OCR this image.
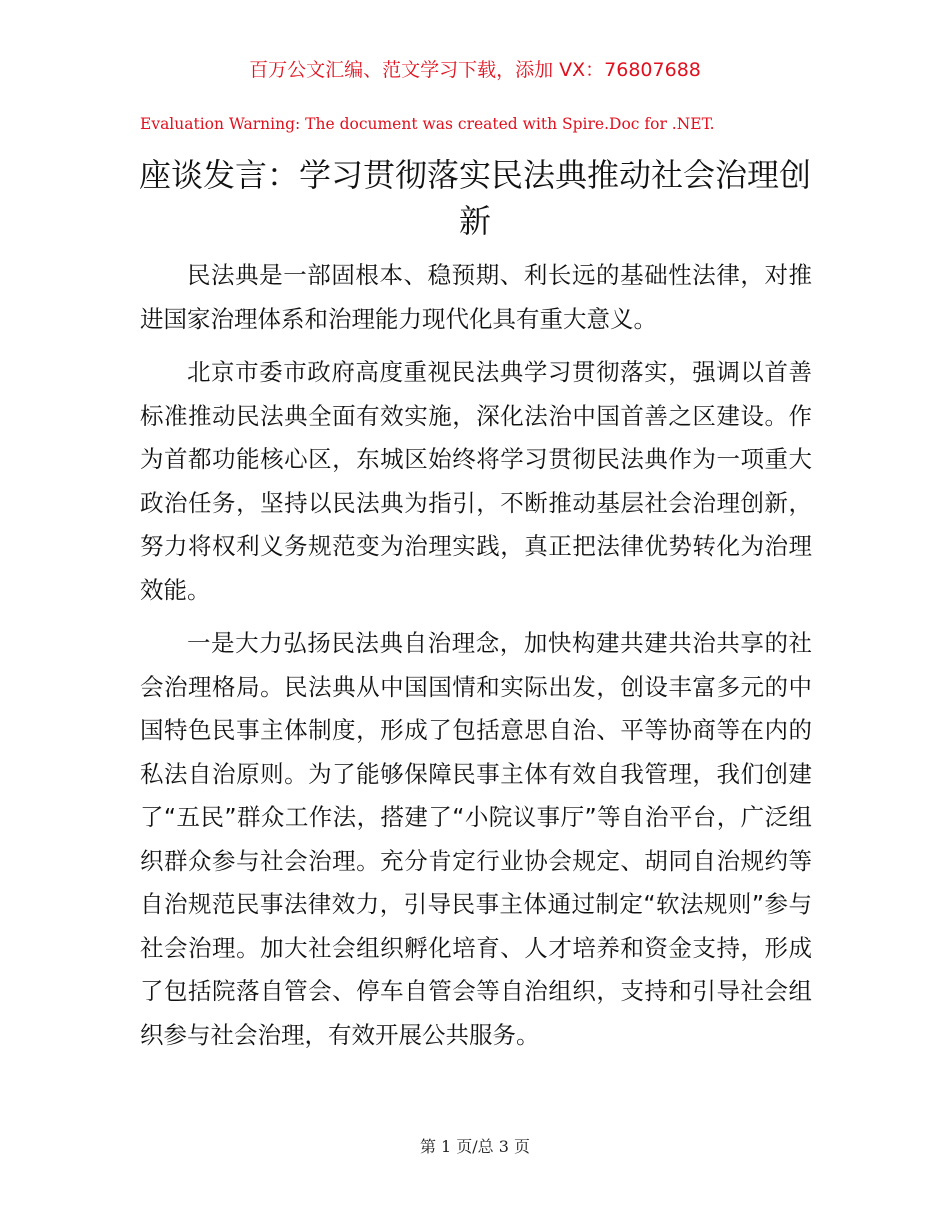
百万公文汇编、范文学习下载，添加 VX：76807688
Evaluation Warning: The document was created with Spire.Doc for .NET.
座谈发言：学习贯彻落实民法典推动社会治理创新

民法典是一部固根本、稳预期、利长远的基础性法律，对推进国家治理体系和治理能力现代化具有重大意义。

北京市委市政府高度重视民法典学习贯彻落实，强调以首善标准推动民法典全面有效实施，深化法治中国首善之区建设。作为首都功能核心区，东城区始终将学习贯彻民法典作为一项重大政治任务，坚持以民法典为指引，不断推动基层社会治理创新，努力将权利义务规范变为治理实践，真正把法律优势转化为治理效能。

一是大力弘扬民法典自治理念，加快构建共建共治共享的社会治理格局。民法典从中国国情和实际出发，创设丰富多元的中国特色民事主体制度，形成了包括意思自治、平等协商等在内的私法自治原则。为了能够保障民事主体有效自我管理，我们创建了“五民”群众工作法，搭建了“小院议事厅”等自治平台，广泛组织群众参与社会治理。充分肯定行业协会规定、胡同自治规约等自治规范民事法律效力，引导民事主体通过制定“软法规则”参与社会治理。加大社会组织孵化培育、人才培养和资金支持，形成了包括院落自管会、停车自管会等自治组织，支持和引导社会组织参与社会治理，有效开展公共服务。

第 1 页/总 3 页
